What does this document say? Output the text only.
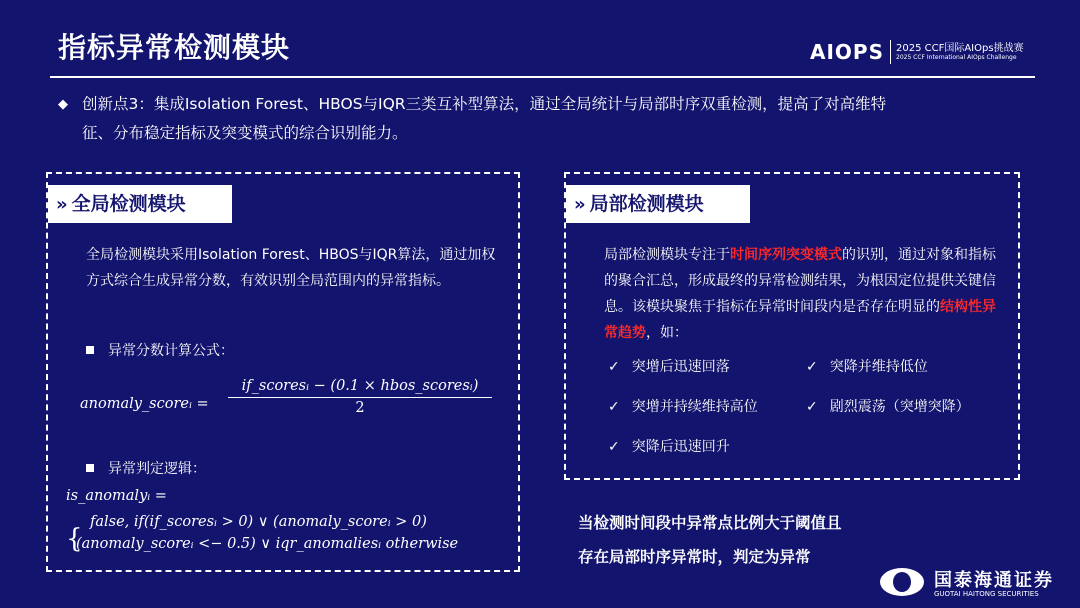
指标异常检测模块	AIOPS 2025 CCF国际AIOps挑战赛
2025 CCF International AIOps Challenge
◆ 创新点3：集成Isolation Forest、HBOS与IQR三类互补型算法，通过全局统计与局部时序双重检测，提高了对高维特
征、分布稳定指标及突变模式的综合识别能力。
» 全局检测模块
全局检测模块采用Isolation Forest、HBOS与IQR算法，通过加权方式综合生成异常分数，有效识别全局范围内的异常指标。
异常分数计算公式：
anomaly_scoreᵢ =
if_scoresᵢ − (0.1 × hbos_scoresᵢ)
2
异常判定逻辑：
is_anomalyᵢ =
{
false, if(if_scoresᵢ > 0) ∨ (anomaly_scoreᵢ > 0)
(anomaly_scoreᵢ <− 0.5) ∨ iqr_anomaliesᵢ otherwise
» 局部检测模块
局部检测模块专注于时间序列突变模式的识别，通过对象和指标的聚合汇总，形成最终的异常检测结果，为根因定位提供关键信息。该模块聚焦于指标在异常时间段内是否存在明显的结构性异常趋势，如：
✓ 突增后迅速回落	✓ 突降并维持低位
✓ 突增并持续维持高位	✓ 剧烈震荡（突增突降）
✓ 突降后迅速回升
当检测时间段中异常点比例大于阈值且
存在局部时序异常时，判定为异常
国泰海通证券
GUOTAI HAITONG SECURITIES
